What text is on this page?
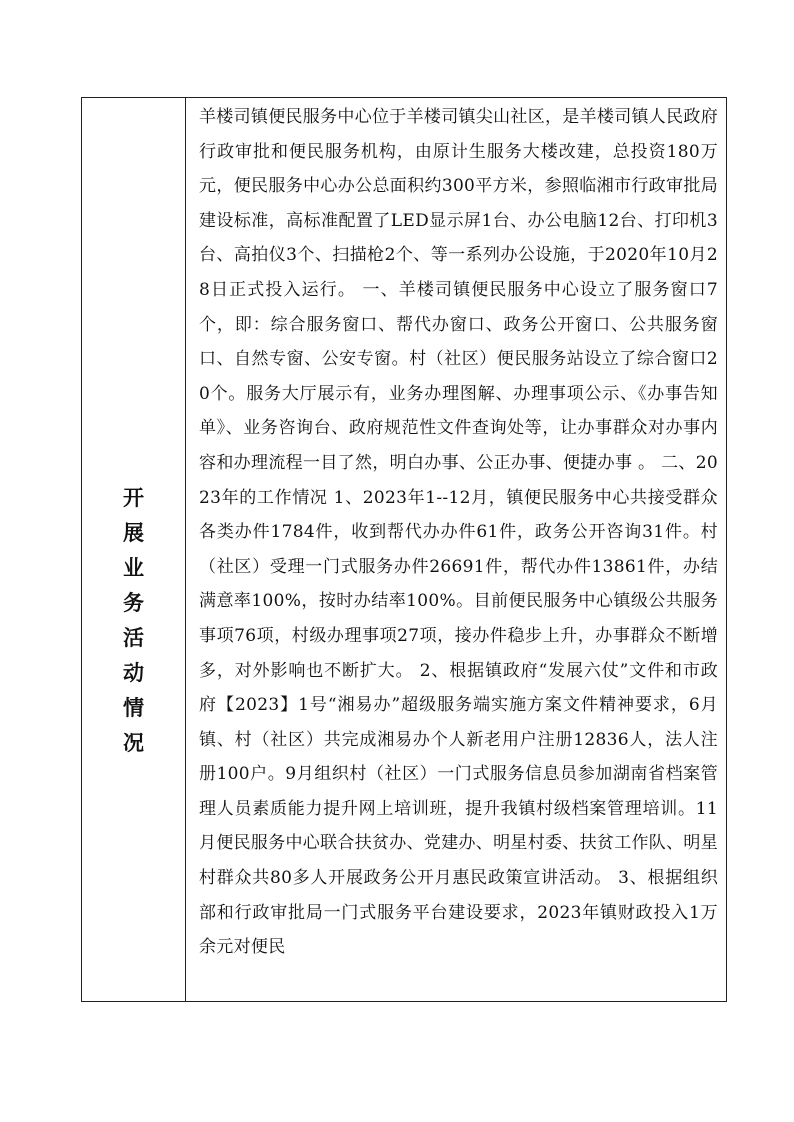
开展业务活动情况

羊楼司镇便民服务中心位于羊楼司镇尖山社区，是羊楼司镇人民政府行政审批和便民服务机构，由原计生服务大楼改建，总投资180万元，便民服务中心办公总面积约300平方米，参照临湘市行政审批局建设标准，高标准配置了LED显示屏1台、办公电脑12台、打印机3台、高拍仪3个、扫描枪2个、等一系列办公设施，于2020年10月28日正式投入运行。 一、羊楼司镇便民服务中心设立了服务窗口7个，即：综合服务窗口、帮代办窗口、政务公开窗口、公共服务窗口、自然专窗、公安专窗。村（社区）便民服务站设立了综合窗口20个。服务大厅展示有，业务办理图解、办理事项公示、《办事告知单》、业务咨询台、政府规范性文件查询处等，让办事群众对办事内容和办理流程一目了然，明白办事、公正办事、便捷办事 。 二、2023年的工作情况 1、2023年1--12月，镇便民服务中心共接受群众各类办件1784件，收到帮代办办件61件，政务公开咨询31件。村（社区）受理一门式服务办件26691件，帮代办件13861件，办结满意率100%，按时办结率100%。目前便民服务中心镇级公共服务事项76项，村级办理事项27项，接办件稳步上升，办事群众不断增多，对外影响也不断扩大。 2、根据镇政府“发展六仗”文件和市政府【2023】1号“湘易办”超级服务端实施方案文件精神要求，6月镇、村（社区）共完成湘易办个人新老用户注册12836人，法人注册100户。9月组织村（社区）一门式服务信息员参加湖南省档案管理人员素质能力提升网上培训班，提升我镇村级档案管理培训。11月便民服务中心联合扶贫办、党建办、明星村委、扶贫工作队、明星村群众共80多人开展政务公开月惠民政策宣讲活动。 3、根据组织部和行政审批局一门式服务平台建设要求，2023年镇财政投入1万余元对便民
